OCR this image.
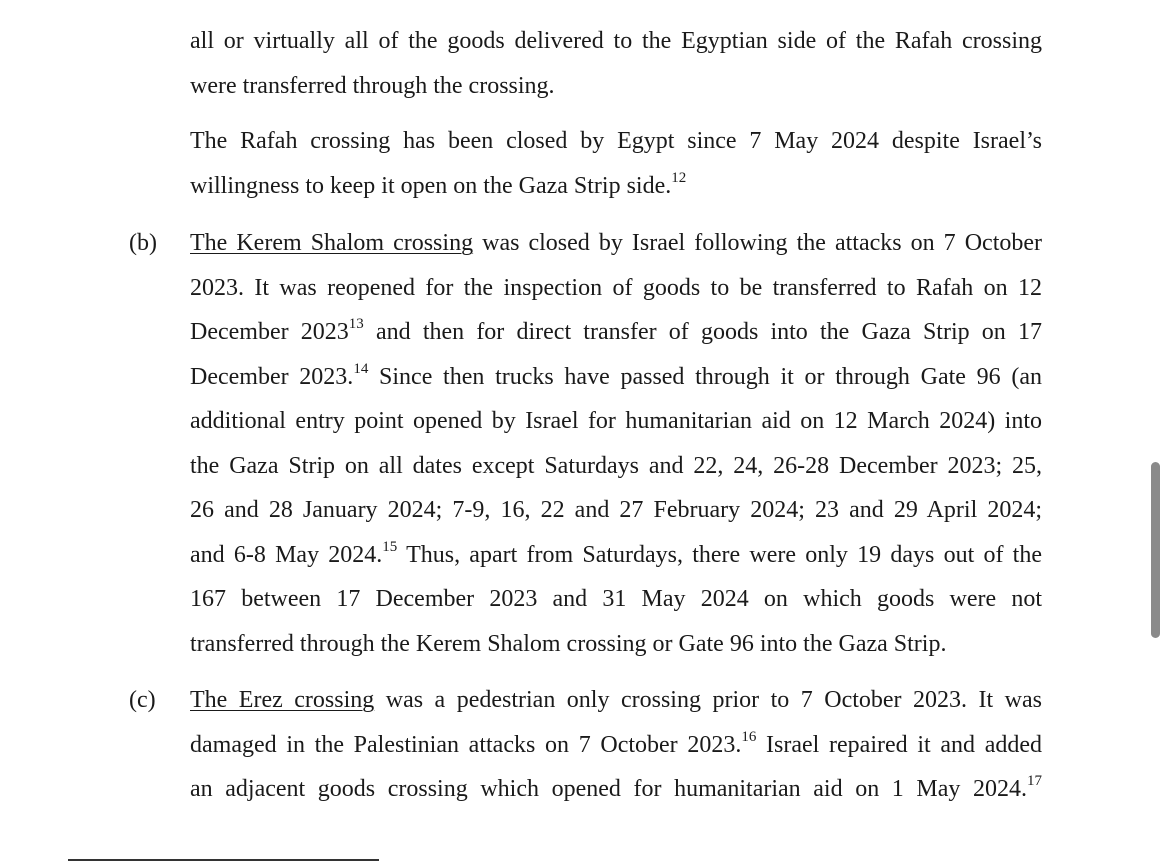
all or virtually all of the goods delivered to the Egyptian side of the Rafah crossing
were transferred through the crossing.

The Rafah crossing has been closed by Egypt since 7 May 2024 despite Israel’s
willingness to keep it open on the Gaza Strip side.$^{12}$

(b) The Kerem Shalom crossing was closed by Israel following the attacks on 7 October
2023. It was reopened for the inspection of goods to be transferred to Rafah on 12
December 2023$^{13}$ and then for direct transfer of goods into the Gaza Strip on 17
December 2023.14 Since then trucks have passed through it or through Gate 96 (an
additional entry point opened by Israel for humanitarian aid on 12 March 2024) into
the Gaza Strip on all dates except Saturdays and 22, 24, 26-28 December 2023; 25,
26 and 28 January 2024; 7-9, 16, 22 and 27 February 2024; 23 and 29 April 2024;
and 6-8 May 2024.15 Thus, apart from Saturdays, there were only 19 days out of the
167 between 17 December 2023 and 31 May 2024 on which goods were not
transferred through the Kerem Shalom crossing or Gate 96 into the Gaza Strip.

(c) The Erez crossing was a pedestrian only crossing prior to 7 October 2023. It was
damaged in the Palestinian attacks on 7 October 2023.16 Israel repaired it and added
an adjacent goods crossing which opened for humanitarian aid on 1 May 2024.17
